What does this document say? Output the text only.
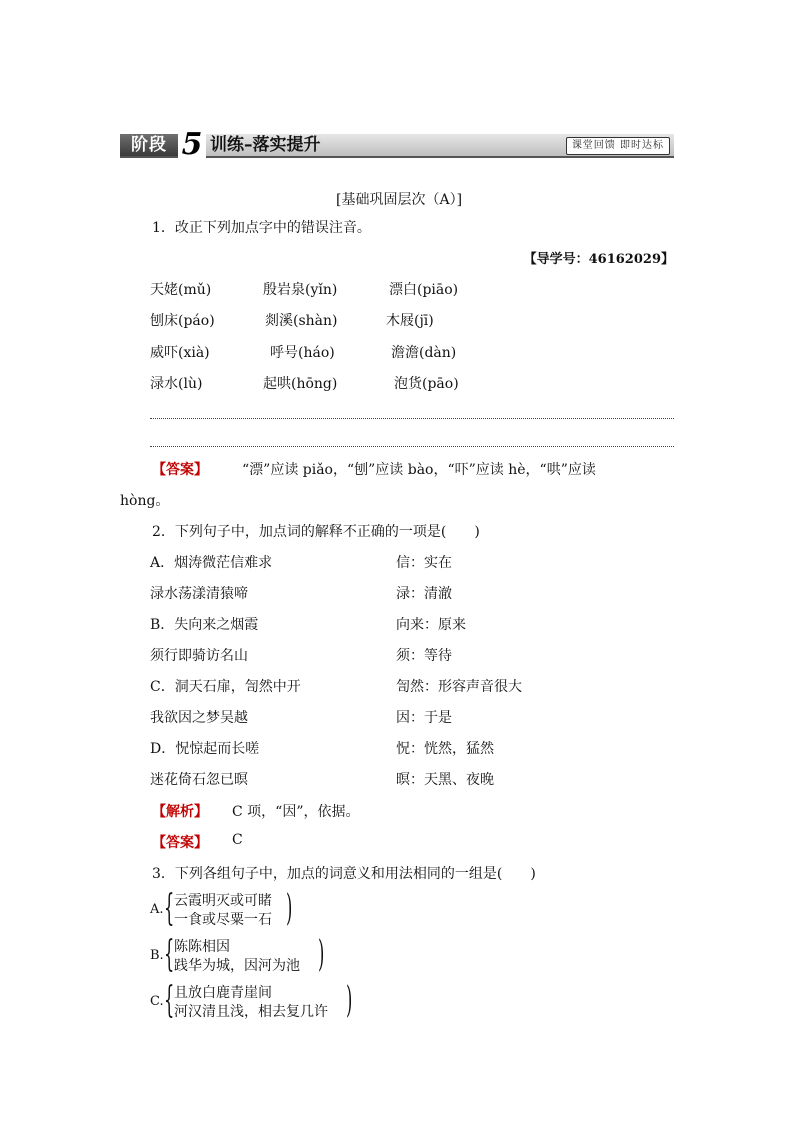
阶段 5 训练–落实提升	课堂回馈 即时达标
[基础巩固层次（A）]
1．改正下列加点字中的错误注音。
【导学号：46162029】
天姥(mǔ)	殷岩泉(yǐn)	漂白(piāo)
刨床(páo)	剡溪(shàn)	木屐(jī)
威吓(xià)	呼号(háo)	澹澹(dàn)
渌水(lù)	起哄(hōng)	泡货(pāo)
【答案】 “漂”应读 piǎo，“刨”应读 bào，“吓”应读 hè，“哄”应读
hòng。
2．下列句子中，加点词的解释不正确的一项是(　　)
A．烟涛微茫信难求	信：实在
渌水荡漾清猿啼	渌：清澈
B．失向来之烟霞	向来：原来
须行即骑访名山	须：等待
C．洞天石扉，訇然中开	訇然：形容声音很大
我欲因之梦吴越	因：于是
D．怳惊起而长嗟	怳：恍然，猛然
迷花倚石忽已暝	暝：天黑、夜晚
【解析】 C 项，“因”，依据。
【答案】 C
3．下列各组句子中，加点的词意义和用法相同的一组是(　　)
A. { 云霞明灭或可睹
一食或尽粟一石 )
B. { 陈陈相因
践华为城，因河为池 )
C. { 且放白鹿青崖间
河汉清且浅，相去复几许 )
